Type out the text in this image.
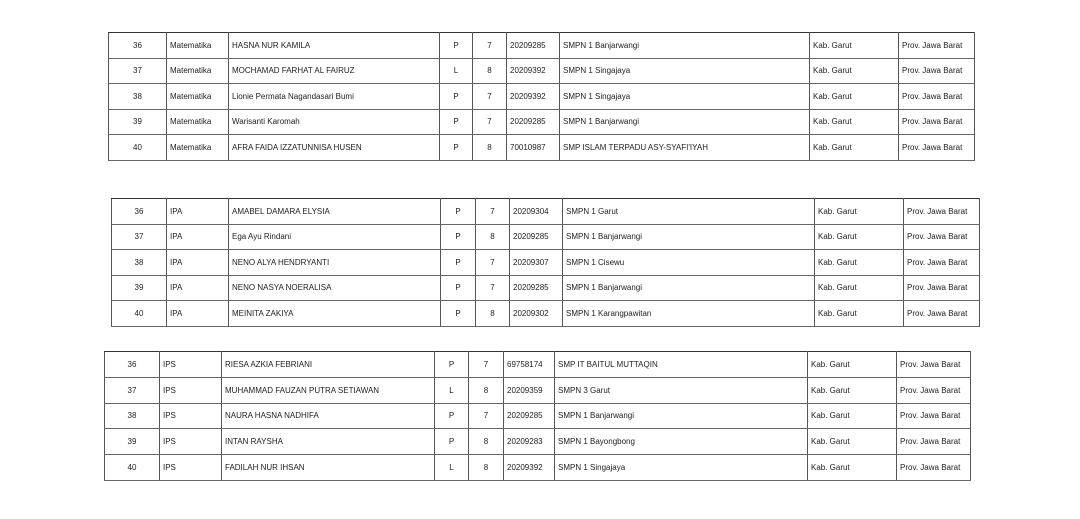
36	Matematika	HASNA NUR KAMILA	P	7	20209285	SMPN 1 Banjarwangi	Kab. Garut	Prov. Jawa Barat
37	Matematika	MOCHAMAD FARHAT AL FAIRUZ	L	8	20209392	SMPN 1 Singajaya	Kab. Garut	Prov. Jawa Barat
38	Matematika	Lionie Permata Nagandasari Bumi	P	7	20209392	SMPN 1 Singajaya	Kab. Garut	Prov. Jawa Barat
39	Matematika	Warisanti Karomah	P	7	20209285	SMPN 1 Banjarwangi	Kab. Garut	Prov. Jawa Barat
40	Matematika	AFRA FAIDA IZZATUNNISA HUSEN	P	8	70010987	SMP ISLAM TERPADU ASY-SYAFI'IYAH	Kab. Garut	Prov. Jawa Barat
36	IPA	AMABEL DAMARA ELYSIA	P	7	20209304	SMPN 1 Garut	Kab. Garut	Prov. Jawa Barat
37	IPA	Ega Ayu Rindani	P	8	20209285	SMPN 1 Banjarwangi	Kab. Garut	Prov. Jawa Barat
38	IPA	NENO ALYA HENDRYANTI	P	7	20209307	SMPN 1 Cisewu	Kab. Garut	Prov. Jawa Barat
39	IPA	NENO NASYA NOERALISA	P	7	20209285	SMPN 1 Banjarwangi	Kab. Garut	Prov. Jawa Barat
40	IPA	MEINITA ZAKIYA	P	8	20209302	SMPN 1 Karangpawitan	Kab. Garut	Prov. Jawa Barat
36	IPS	RIESA AZKIA FEBRIANI	P	7	69758174	SMP IT BAITUL MUTTAQIN	Kab. Garut	Prov. Jawa Barat
37	IPS	MUHAMMAD FAUZAN PUTRA SETIAWAN	L	8	20209359	SMPN 3 Garut	Kab. Garut	Prov. Jawa Barat
38	IPS	NAURA HASNA NADHIFA	P	7	20209285	SMPN 1 Banjarwangi	Kab. Garut	Prov. Jawa Barat
39	IPS	INTAN RAYSHA	P	8	20209283	SMPN 1 Bayongbong	Kab. Garut	Prov. Jawa Barat
40	IPS	FADILAH NUR IHSAN	L	8	20209392	SMPN 1 Singajaya	Kab. Garut	Prov. Jawa Barat
